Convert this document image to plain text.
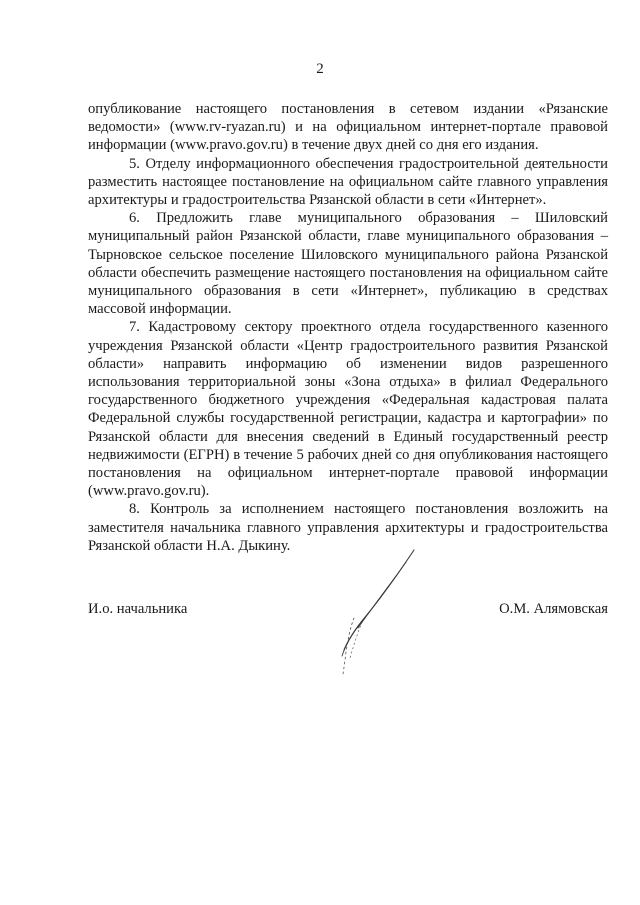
2

опубликование настоящего постановления в сетевом издании «Рязанские ведомости» (www.rv-ryazan.ru) и на официальном интернет-портале правовой информации (www.pravo.gov.ru) в течение двух дней со дня его издания.

5. Отделу информационного обеспечения градостроительной деятельности разместить настоящее постановление на официальном сайте главного управления архитектуры и градостроительства Рязанской области в сети «Интернет».

6. Предложить главе муниципального образования – Шиловский муниципальный район Рязанской области, главе муниципального образования – Тырновское сельское поселение Шиловского муниципального района Рязанской области обеспечить размещение настоящего постановления на официальном сайте муниципального образования в сети «Интернет», публикацию в средствах массовой информации.

7. Кадастровому сектору проектного отдела государственного казенного учреждения Рязанской области «Центр градостроительного развития Рязанской области» направить информацию об изменении видов разрешенного использования территориальной зоны «Зона отдыха» в филиал Федерального государственного бюджетного учреждения «Федеральная кадастровая палата Федеральной службы государственной регистрации, кадастра и картографии» по Рязанской области для внесения сведений в Единый государственный реестр недвижимости (ЕГРН) в течение 5 рабочих дней со дня опубликования настоящего постановления на официальном интернет-портале правовой информации (www.pravo.gov.ru).

8. Контроль за исполнением настоящего постановления возложить на заместителя начальника главного управления архитектуры и градостроительства Рязанской области Н.А. Дыкину.

И.о. начальника	О.М. Алямовская
